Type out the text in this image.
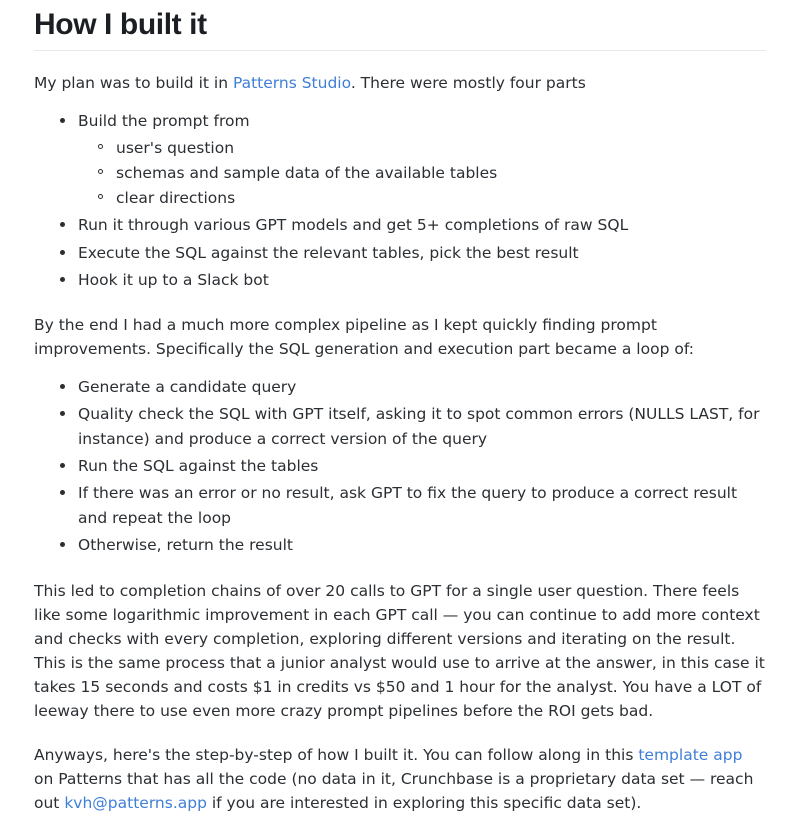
How I built it

My plan was to build it in Patterns Studio. There were mostly four parts

Build the prompt from
user's question
schemas and sample data of the available tables
clear directions
Run it through various GPT models and get 5+ completions of raw SQL
Execute the SQL against the relevant tables, pick the best result
Hook it up to a Slack bot

By the end I had a much more complex pipeline as I kept quickly finding prompt improvements. Specifically the SQL generation and execution part became a loop of:

Generate a candidate query
Quality check the SQL with GPT itself, asking it to spot common errors (NULLS LAST, for instance) and produce a correct version of the query
Run the SQL against the tables
If there was an error or no result, ask GPT to fix the query to produce a correct result and repeat the loop
Otherwise, return the result

This led to completion chains of over 20 calls to GPT for a single user question. There feels like some logarithmic improvement in each GPT call — you can continue to add more context and checks with every completion, exploring different versions and iterating on the result. This is the same process that a junior analyst would use to arrive at the answer, in this case it takes 15 seconds and costs $1 in credits vs $50 and 1 hour for the analyst. You have a LOT of leeway there to use even more crazy prompt pipelines before the ROI gets bad.

Anyways, here's the step-by-step of how I built it. You can follow along in this template app on Patterns that has all the code (no data in it, Crunchbase is a proprietary data set — reach out kvh@patterns.app if you are interested in exploring this specific data set).
